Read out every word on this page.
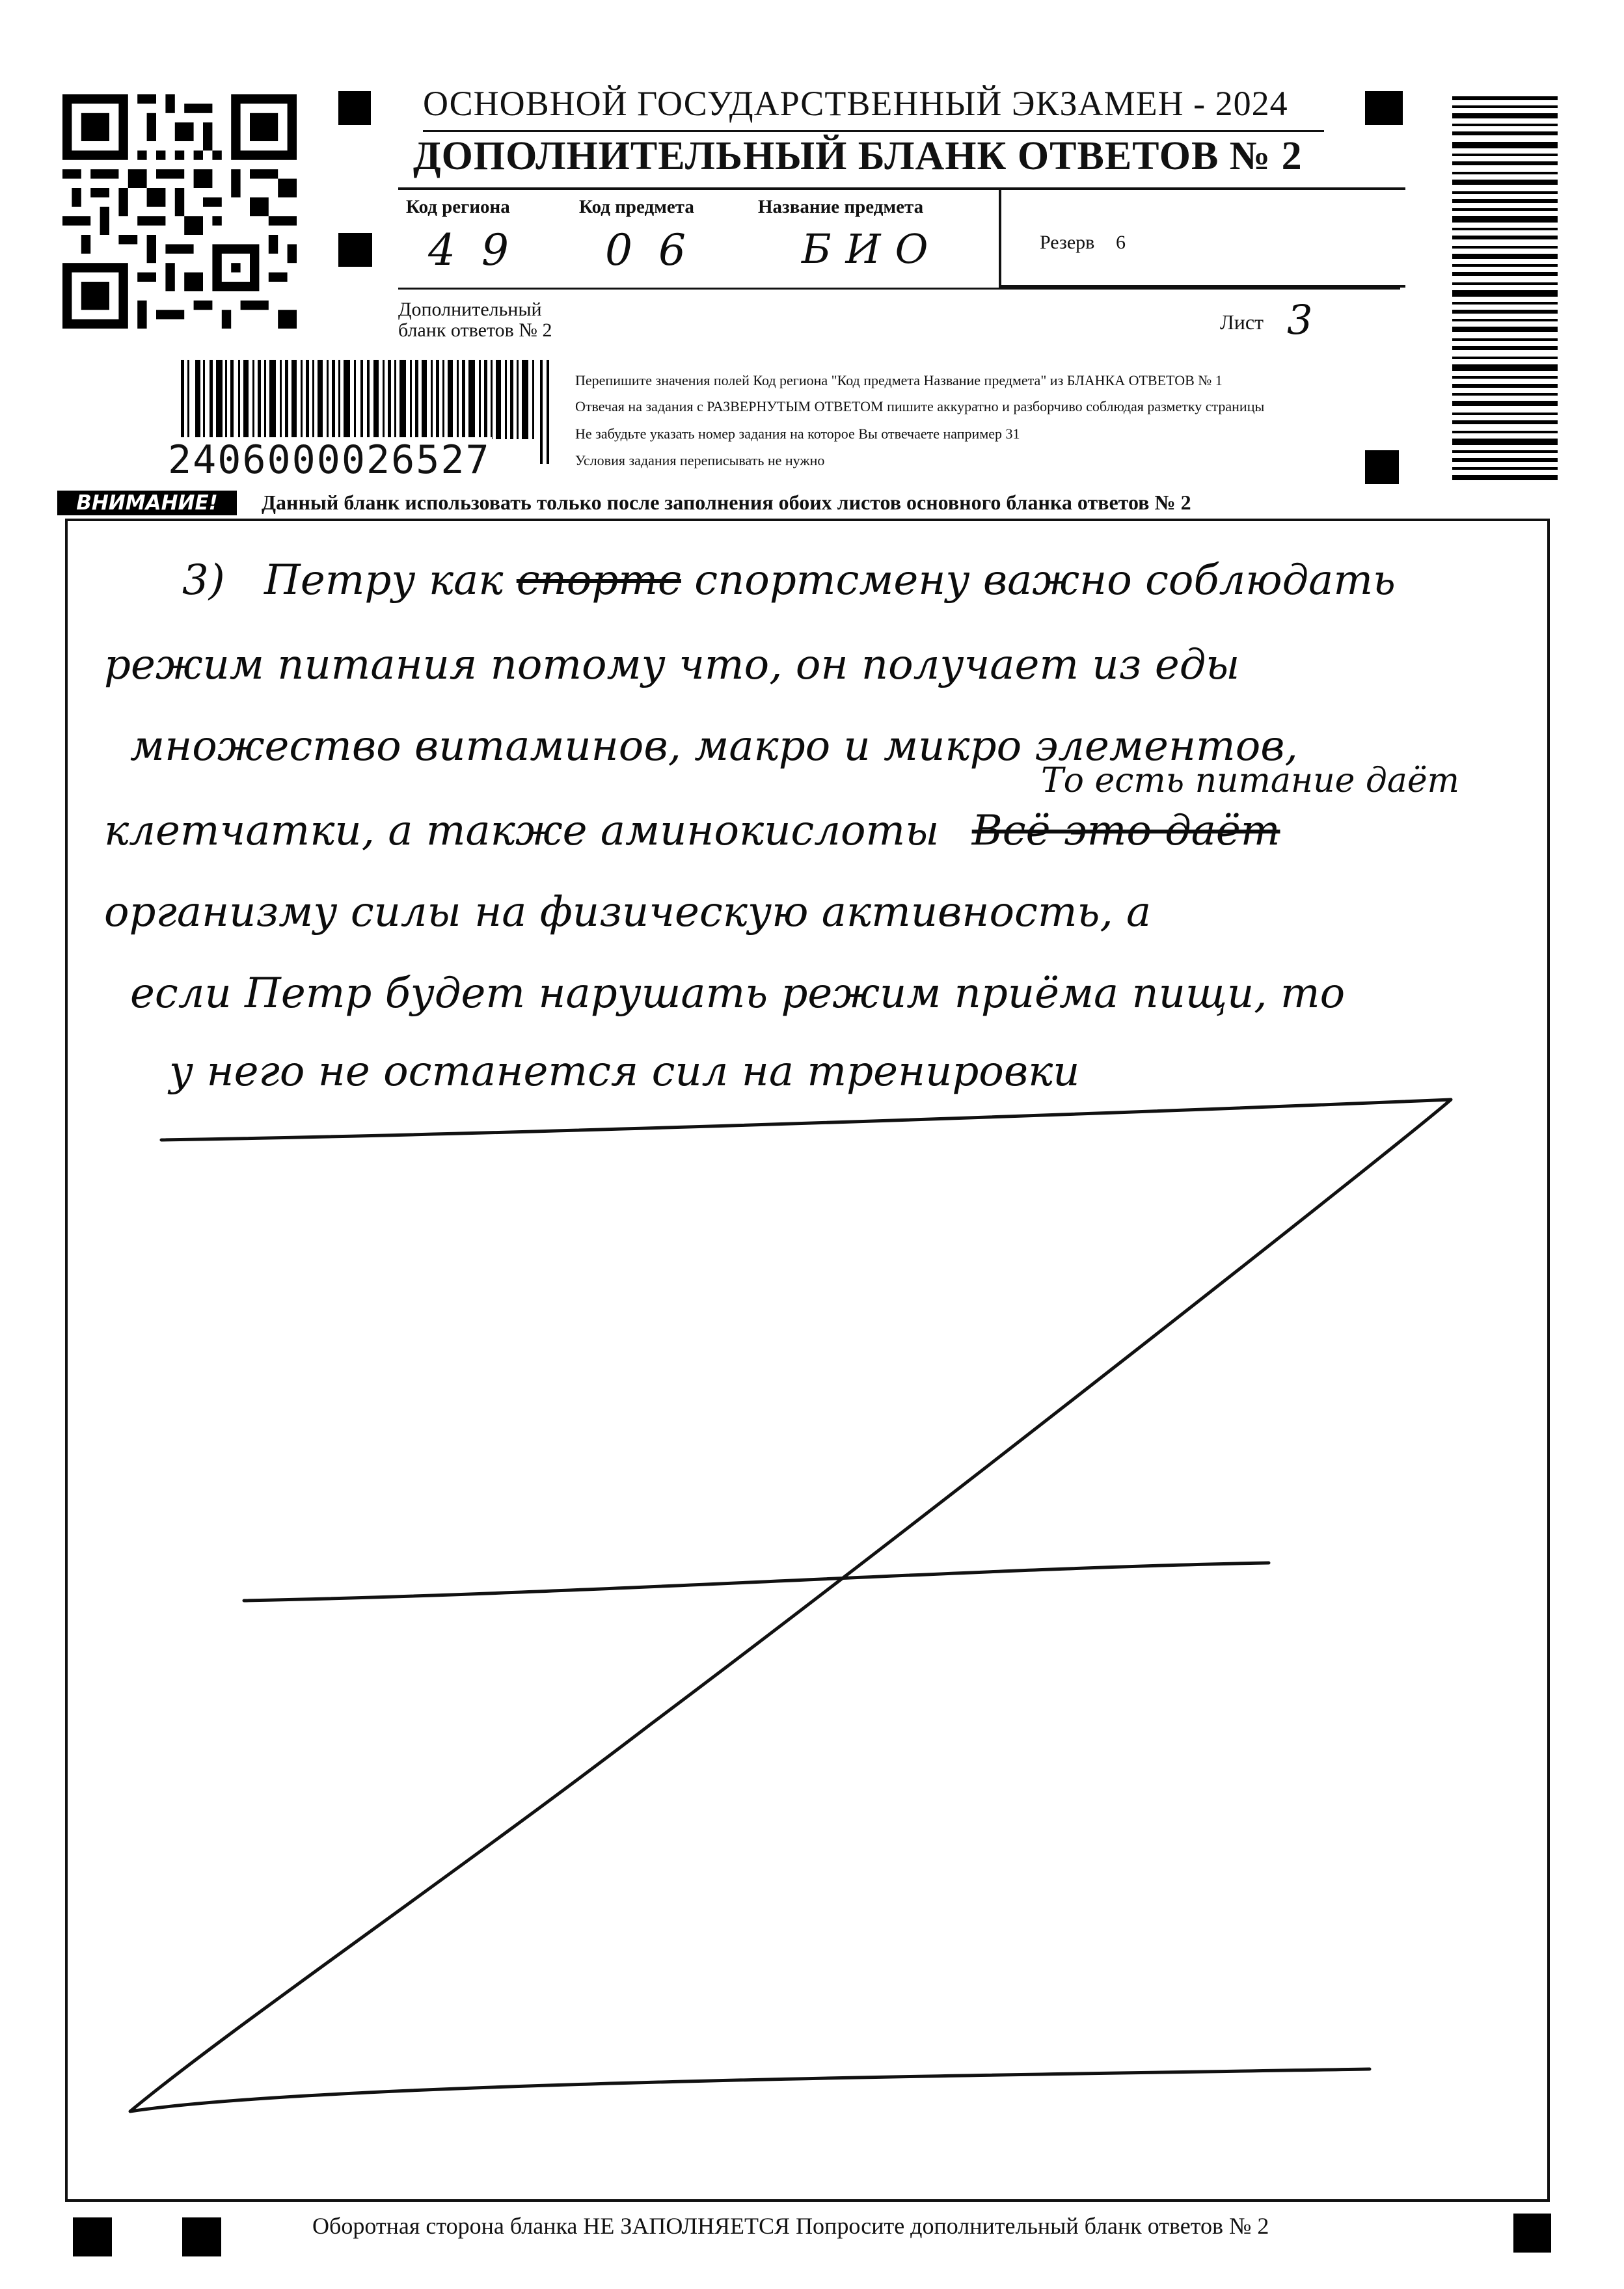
ОСНОВНОЙ ГОСУДАРСТВЕННЫЙ ЭКЗАМЕН - 2024
ДОПОЛНИТЕЛЬНЫЙ БЛАНК ОТВЕТОВ № 2
Код региона	Код предмета	Название предмета
49 06 БИО	Резерв 6
Дополнительный
бланк ответов № 2	Лист 3
2406000026527
Перепишите значения полей Код региона "Код предмета Название предмета" из БЛАНКА ОТВЕТОВ № 1
Отвечая на задания с РАЗВЕРНУТЫМ ОТВЕТОМ пишите аккуратно и разборчиво соблюдая разметку страницы
Не забудьте указать номер задания на которое Вы отвечаете например 31
Условия задания переписывать не нужно
ВНИМАНИЕ!	Данный бланк использовать только после заполнения обоих листов основного бланка ответов № 2
3) Петру как спортс спортсмену важно соблюдать
режим питания потому что, он получает из еды
множество витаминов, макро и микро элементов,
То есть питание даёт
клетчатки, а также аминокислоты Всё это даёт
организму силы на физическую активность, а
если Петр будет нарушать режим приёма пищи, то
у него не останется сил на тренировки
Оборотная сторона бланка НЕ ЗАПОЛНЯЕТСЯ Попросите дополнительный бланк ответов № 2
